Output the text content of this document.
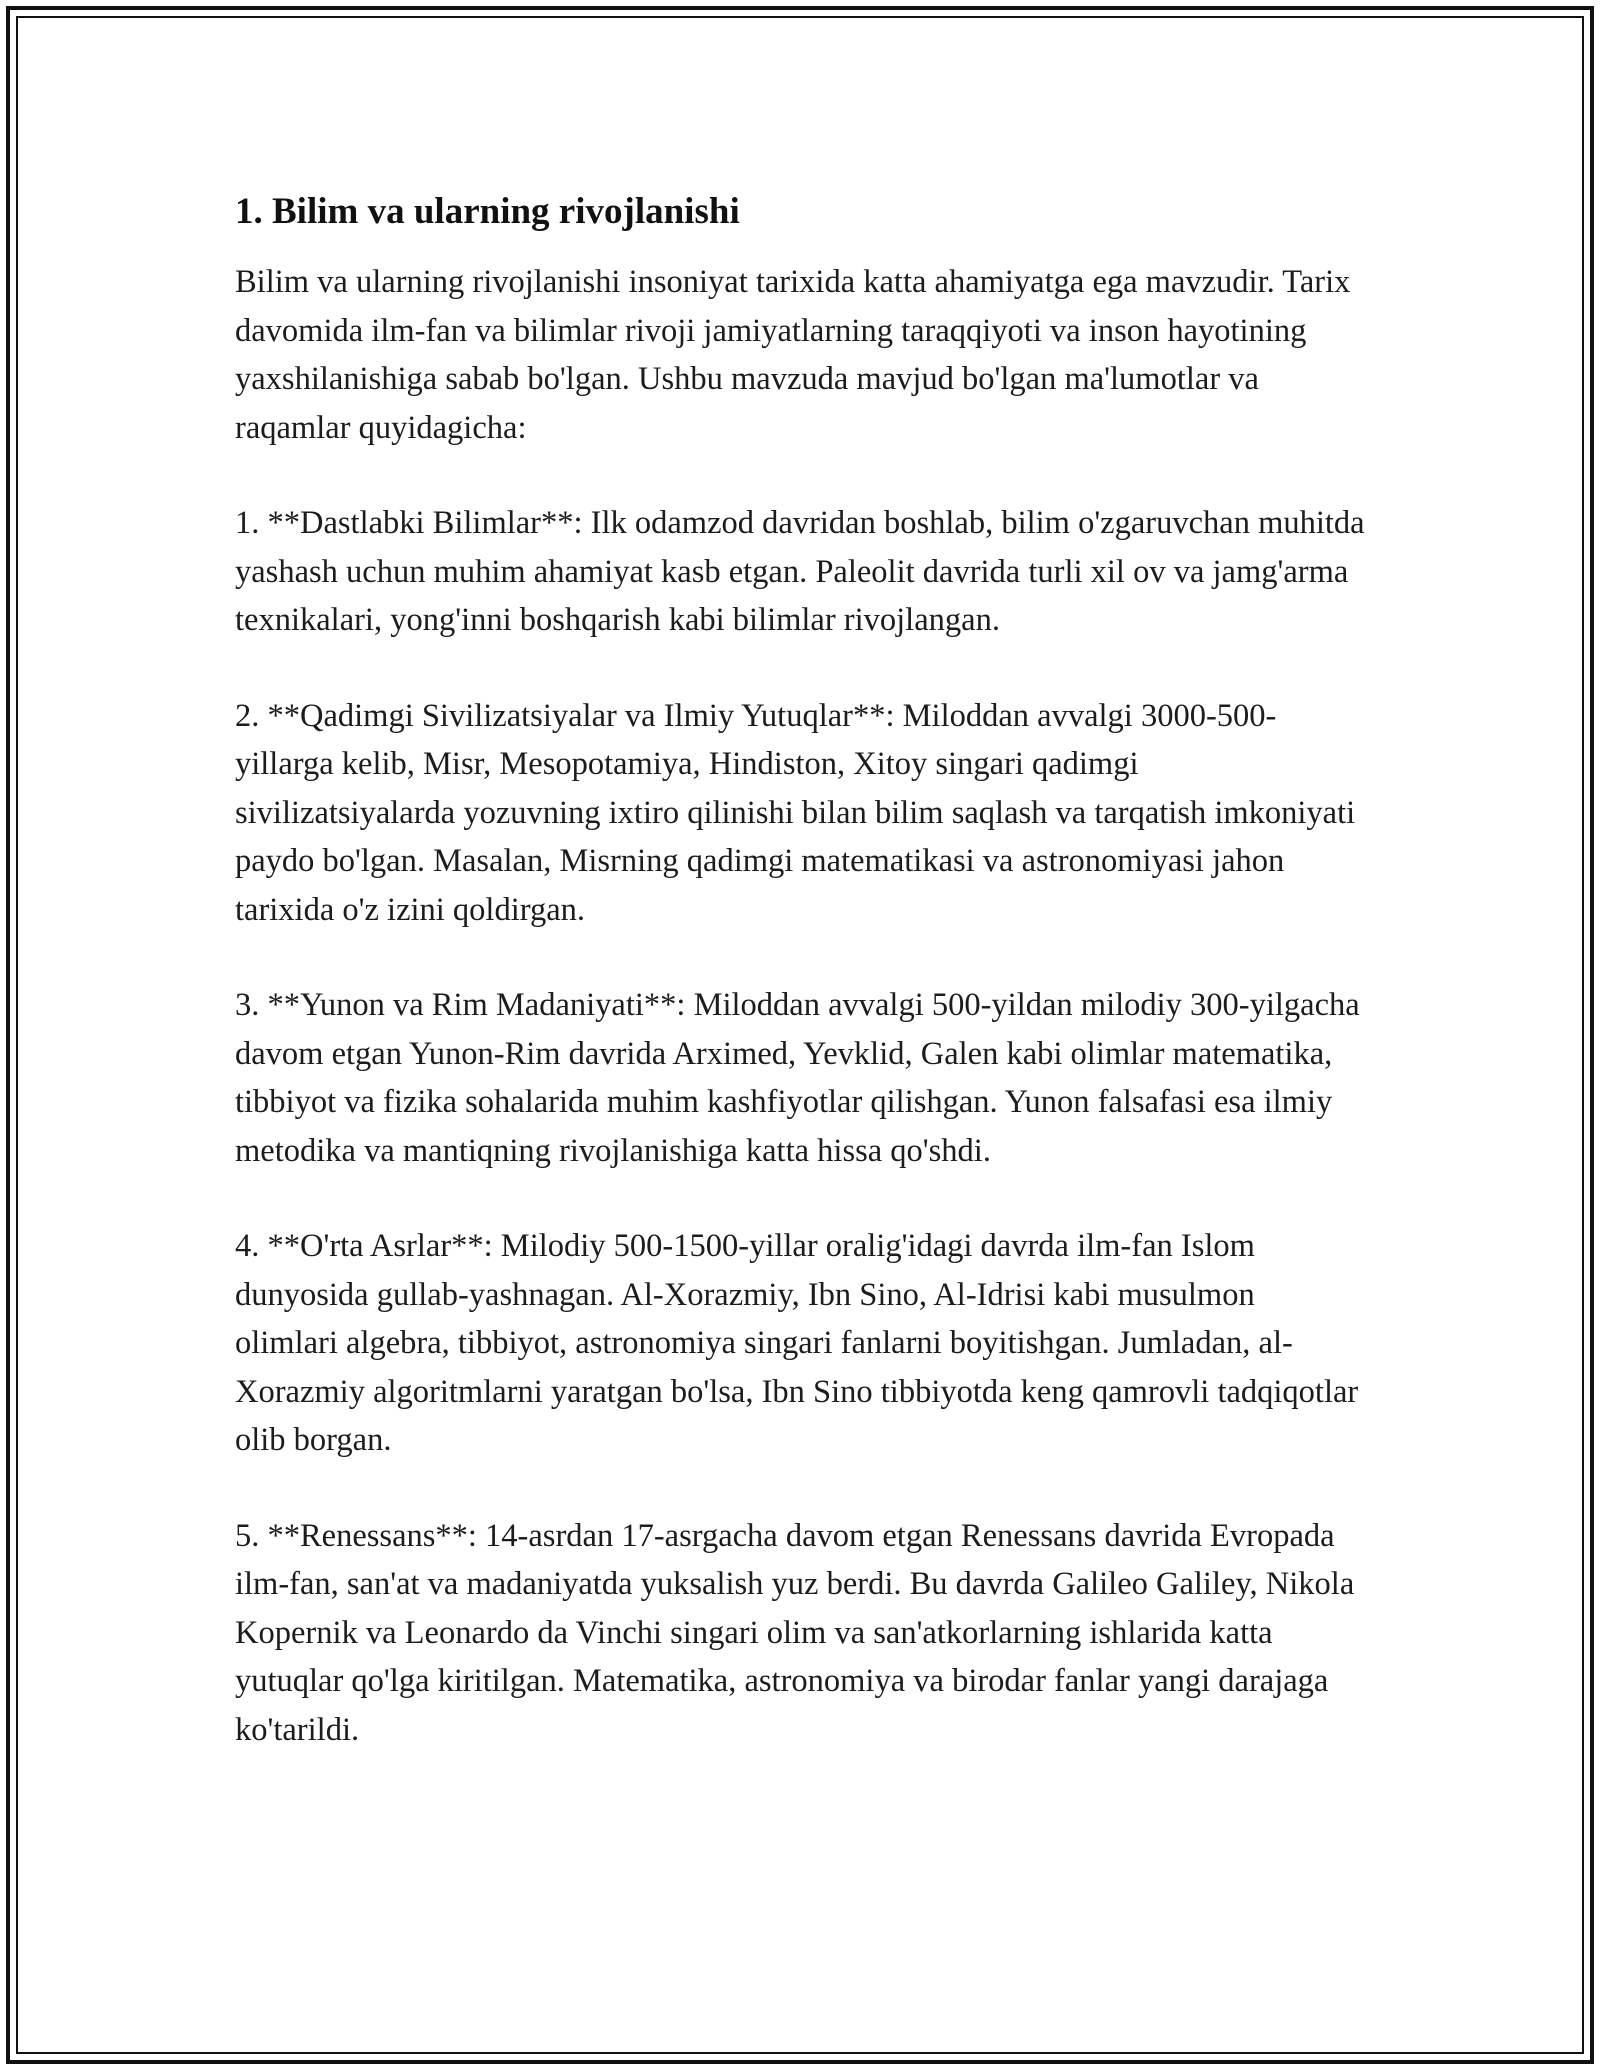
1. Bilim va ularning rivojlanishi

Bilim va ularning rivojlanishi insoniyat tarixida katta ahamiyatga ega mavzudir. Tarix davomida ilm-fan va bilimlar rivoji jamiyatlarning taraqqiyoti va inson hayotining yaxshilanishiga sabab bo'lgan. Ushbu mavzuda mavjud bo'lgan ma'lumotlar va raqamlar quyidagicha:

1. **Dastlabki Bilimlar**: Ilk odamzod davridan boshlab, bilim o'zgaruvchan muhitda yashash uchun muhim ahamiyat kasb etgan. Paleolit davrida turli xil ov va jamg'arma texnikalari, yong'inni boshqarish kabi bilimlar rivojlangan.

2. **Qadimgi Sivilizatsiyalar va Ilmiy Yutuqlar**: Miloddan avvalgi 3000-500-yillarga kelib, Misr, Mesopotamiya, Hindiston, Xitoy singari qadimgi sivilizatsiyalarda yozuvning ixtiro qilinishi bilan bilim saqlash va tarqatish imkoniyati paydo bo'lgan. Masalan, Misrning qadimgi matematikasi va astronomiyasi jahon tarixida o'z izini qoldirgan.

3. **Yunon va Rim Madaniyati**: Miloddan avvalgi 500-yildan milodiy 300-yilgacha davom etgan Yunon-Rim davrida Arximed, Yevklid, Galen kabi olimlar matematika, tibbiyot va fizika sohalarida muhim kashfiyotlar qilishgan. Yunon falsafasi esa ilmiy metodika va mantiqning rivojlanishiga katta hissa qo'shdi.

4. **O'rta Asrlar**: Milodiy 500-1500-yillar oralig'idagi davrda ilm-fan Islom dunyosida gullab-yashnagan. Al-Xorazmiy, Ibn Sino, Al-Idrisi kabi musulmon olimlari algebra, tibbiyot, astronomiya singari fanlarni boyitishgan. Jumladan, al-Xorazmiy algoritmlarni yaratgan bo'lsa, Ibn Sino tibbiyotda keng qamrovli tadqiqotlar olib borgan.

5. **Renessans**: 14-asrdan 17-asrgacha davom etgan Renessans davrida Evropada ilm-fan, san'at va madaniyatda yuksalish yuz berdi. Bu davrda Galileo Galiley, Nikola Kopernik va Leonardo da Vinchi singari olim va san'atkorlarning ishlarida katta yutuqlar qo'lga kiritilgan. Matematika, astronomiya va birodar fanlar yangi darajaga ko'tarildi.
